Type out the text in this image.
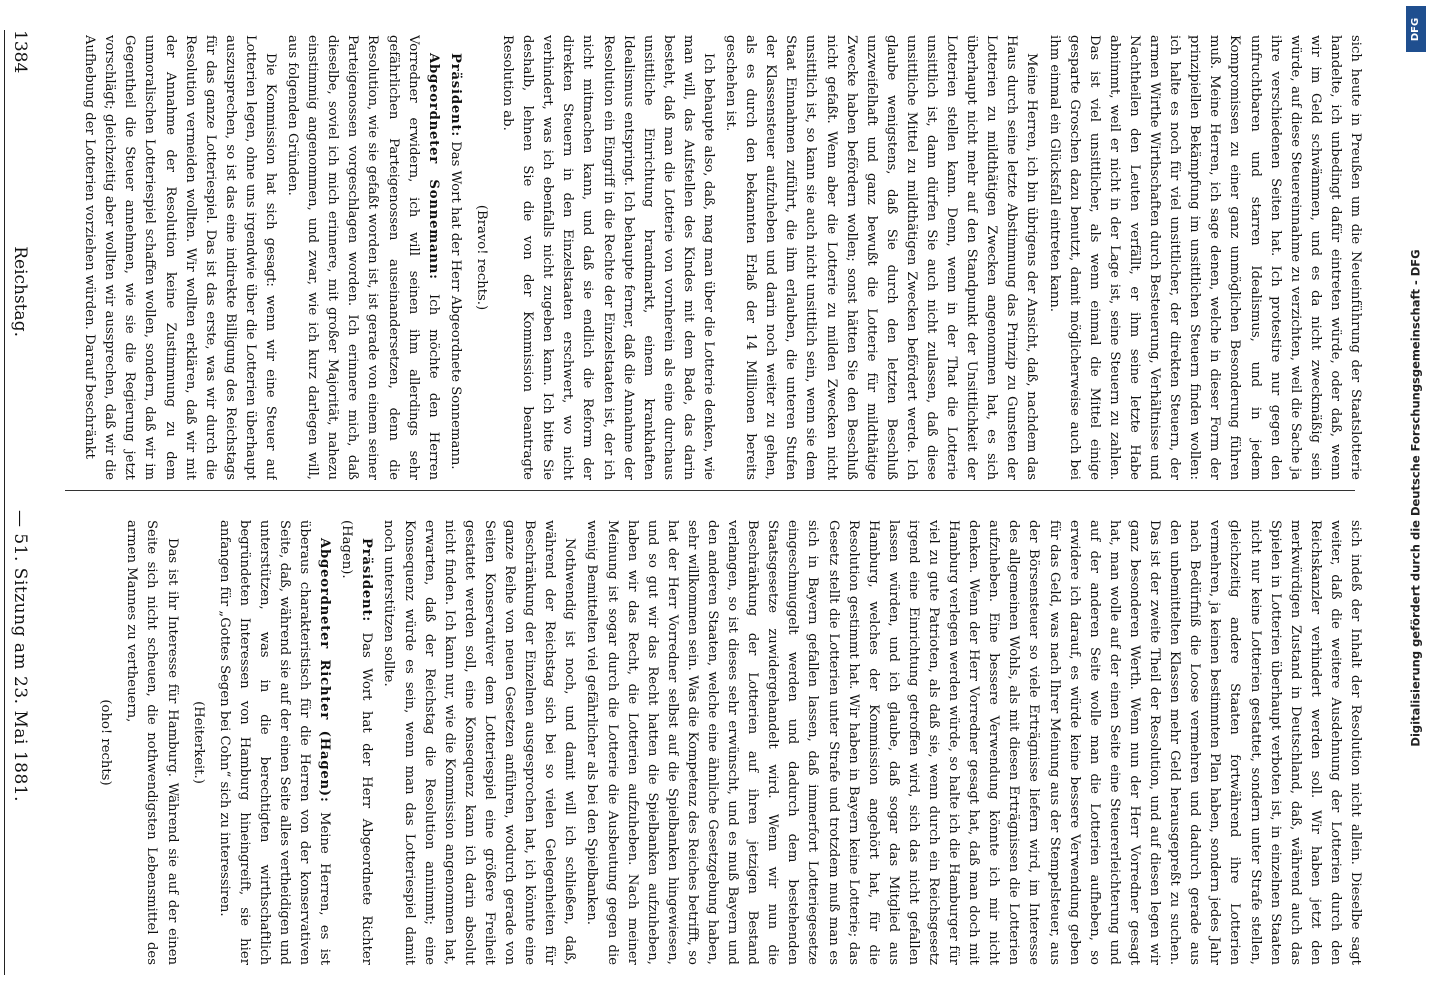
1384
Reichstag.
— 51. Sitzung am 23. Mai 1881.

sich heute in Preußen um die Neueinführung der Staatslotterie handelte, ich unbedingt dafür eintreten würde, oder daß, wenn wir im Geld schwämmen, und es da nicht zweckmäßig sein würde, auf diese Steuereinnahme zu verzichten, weil die Sache ja ihre verschiedenen Seiten hat. Ich protestire nur gegen den unfruchtbaren und starren Idealismus, und in jedem Kompromissen zu einer ganz unmöglichen Besonderung führen muß. Meine Herren, ich sage denen, welche in dieser Form der prinzipiellen Bekämpfung im unsittlichen Steuern finden wollen: ich halte es noch für viel unsittlicher, der direkten Steuern, der armen Wirthe Wirthschaften durch Besteuerung, Verhältnisse und Nachtheilen den Leuten verfällt, er ihm seine letzte Habe abnimmt, weil er nicht in der Lage ist, seine Steuern zu zahlen. Das ist viel unsittlicher, als wenn einmal die Mittel einige gesparte Groschen dazu benutzt, damit möglicherweise auch bei ihm einmal ein Glücksfall eintreten kann.

Meine Herren, ich bin übrigens der Ansicht, daß, nachdem das Haus durch seine letzte Abstimmung das Prinzip zu Gunsten der Lotterien zu mildthätigen Zwecken angenommen hat, es sich überhaupt nicht mehr auf den Standpunkt der Unsittlichkeit der Lotterien stellen kann. Denn, wenn in der That die Lotterie unsittlich ist, dann dürfen Sie auch nicht zulassen, daß diese unsittliche Mittel zu mildthätigen Zwecken befördert werde. Ich glaube wenigstens, daß Sie durch den letzten Beschluß unzweifelhaft und ganz bewußt die Lotterie für mildthätige Zwecke haben befördern wollen; sonst hätten Sie den Beschluß nicht gefaßt. Wenn aber die Lotterie zu milden Zwecken nicht unsittlich ist, so kann sie auch nicht unsittlich sein, wenn sie dem Staat Einnahmen zuführt, die ihm erlauben, die unteren Stufen der Klassensteuer aufzuheben und darin noch weiter zu gehen, als es durch den bekannten Erlaß der 14 Millionen bereits geschehen ist.

Ich behaupte also, daß, mag man über die Lotterie denken, wie man will, das Aufstellen des Kindes mit dem Bade, das darin besteht, daß man die Lotterie von vornherein als eine durchaus unsittliche Einrichtung brandmarkt, einem krankhaften Idealismus entspringt. Ich behaupte ferner, daß die Annahme der Resolution ein Eingriff in die Rechte der Einzelstaaten ist, der ich nicht mitmachen kann, und daß sie endlich die Reform der direkten Steuern in den Einzelstaaten erschwert, wo nicht verhindert, was ich ebenfalls nicht zugeben kann. Ich bitte Sie deshalb, lehnen Sie die von der Kommission beantragte Resolution ab.

(Bravo! rechts.)

Präsident: Das Wort hat der Herr Abgeordnete Sonnemann.

Abgeordneter Sonnemann: Ich möchte den Herren Vorredner erwidern, ich will seinen ihm allerdings sehr gefährlichen Parteigenossen auseinandersetzen, denn die Resolution, wie sie gefaßt worden ist, ist gerade von einem seiner Parteigenossen vorgeschlagen worden. Ich erinnere mich, daß dieselbe, soviel ich mich erinnere, mit großer Majorität, nahezu einstimmig angenommen, und zwar, wie ich kurz darlegen will, aus folgenden Gründen.

Die Kommission hat sich gesagt: wenn wir eine Steuer auf Lotterien legen, ohne uns irgendwie über die Lotterien überhaupt auszusprechen, so ist das eine indirekte Billigung des Reichstags für das ganze Lotteriespiel. Das ist das erste, was wir durch die Resolution vermeiden wollten. Wir wollten erklären, daß wir mit der Annahme der Resolution keine Zustimmung zu dem unmoralischen Lotteriespiel schaffen wollen, sondern, daß wir im Gegentheil die Steuer annehmen, wie sie die Regierung jetzt vorschlägt; gleichzeitig aber wollten wir aussprechen, daß wir die Aufhebung der Lotterien vorziehen würden. Darauf beschränkt

sich indeß der Inhalt der Resolution nicht allein. Dieselbe sagt weiter, daß die weitere Ausdehnung der Lotterien durch den Reichskanzler verhindert werden soll. Wir haben jetzt den merkwürdigen Zustand in Deutschland, daß, während auch das Spielen in Lotterien überhaupt verboten ist, in einzelnen Staaten nicht nur keine Lotterien gestattet, sondern unter Strafe stellen, gleichzeitig andere Staaten fortwährend ihre Lotterien vermehren, ja keinen bestimmten Plan haben, sondern jedes Jahr nach Bedürfniß die Loose vermehren und dadurch gerade aus den unbemittelten Klassen mehr Geld herausgepreßt zu suchen. Das ist der zweite Theil der Resolution, und auf diesen legen wir ganz besonderen Werth. Wenn nun der Herr Vorredner gesagt hat, man wolle auf der einen Seite eine Steuererleichterung und auf der anderen Seite wolle man die Lotterien aufheben, so erwidere ich darauf, es würde keine bessere Verwendung geben für das Geld, was nach Ihrer Meinung aus der Stempelsteuer, aus der Börsensteuer so viele Erträgnisse liefern wird, im Interesse des allgemeinen Wohls, als mit diesen Erträgnissen die Lotterien aufzuheben. Eine bessere Verwendung könnte ich mir nicht denken. Wenn der Herr Vorredner gesagt hat, daß man doch mit Hamburg verlegen werden würde, so halte ich die Hamburger für viel zu gute Patrioten, als daß sie, wenn durch ein Reichsgesetz irgend eine Einrichtung getroffen wird, sich das nicht gefallen lassen würden, und ich glaube, daß sogar das Mitglied aus Hamburg, welches der Kommission angehört hat, für die Resolution gestimmt hat. Wir haben in Bayern keine Lotterie; das Gesetz stellt die Lotterien unter Strafe und trotzdem muß man es sich in Bayern gefallen lassen, daß immerfort Lotteriegesetze eingeschmuggelt werden und dadurch dem bestehenden Staatsgesetze zuwidergehandelt wird. Wenn wir nun die Beschränkung der Lotterien auf ihren jetzigen Bestand verlangen, so ist dieses sehr erwünscht, und es muß Bayern und den anderen Staaten, welche eine ähnliche Gesetzgebung haben, sehr willkommen sein. Was die Kompetenz des Reiches betrifft, so hat der Herr Vorredner selbst auf die Spielbanken hingewiesen, und so gut wir das Recht hatten die Spielbanken aufzuheben, haben wir das Recht, die Lotterien aufzuheben. Nach meiner Meinung ist sogar durch die Lotterie die Ausbeutung gegen die wenig Bemittelten viel gefährlicher als bei den Spielbanken.

Nothwendig ist noch, und damit will ich schließen, daß, während der Reichstag sich bei so vielen Gelegenheiten für Beschränkung der Einzelnen ausgesprochen hat, ich könnte eine ganze Reihe von neuen Gesetzen anführen, wodurch gerade von Seiten Konservativer dem Lotteriespiel eine größere Freiheit gestattet werden soll, eine Konsequenz kann ich darin absolut nicht finden. Ich kann nur, wie die Kommission angenommen hat, erwarten, daß der Reichstag die Resolution annimmt; eine Konsequenz würde es sein, wenn man das Lotteriespiel damit noch unterstützen sollte.

Präsident: Das Wort hat der Herr Abgeordnete Richter (Hagen).

Abgeordneter Richter (Hagen): Meine Herren, es ist überaus charakteristisch für die Herren von der konservativen Seite, daß, während sie auf der einen Seite alles vertheidigen und unterstützen, was in die berechtigten wirthschaftlich begründeten Interessen von Hamburg hineingreift, sie hier anfangen für „Gottes Segen bei Cohn“ sich zu interessiren.

(Heiterkeit.)

Das ist ihr Interesse für Hamburg. Während sie auf der einen Seite sich nicht scheuen, die nothwendigsten Lebensmittel des armen Mannes zu vertheuern,

(oho! rechts)

DFG
Digitalisierung gefördert durch die Deutsche Forschungsgemeinschaft - DFG
